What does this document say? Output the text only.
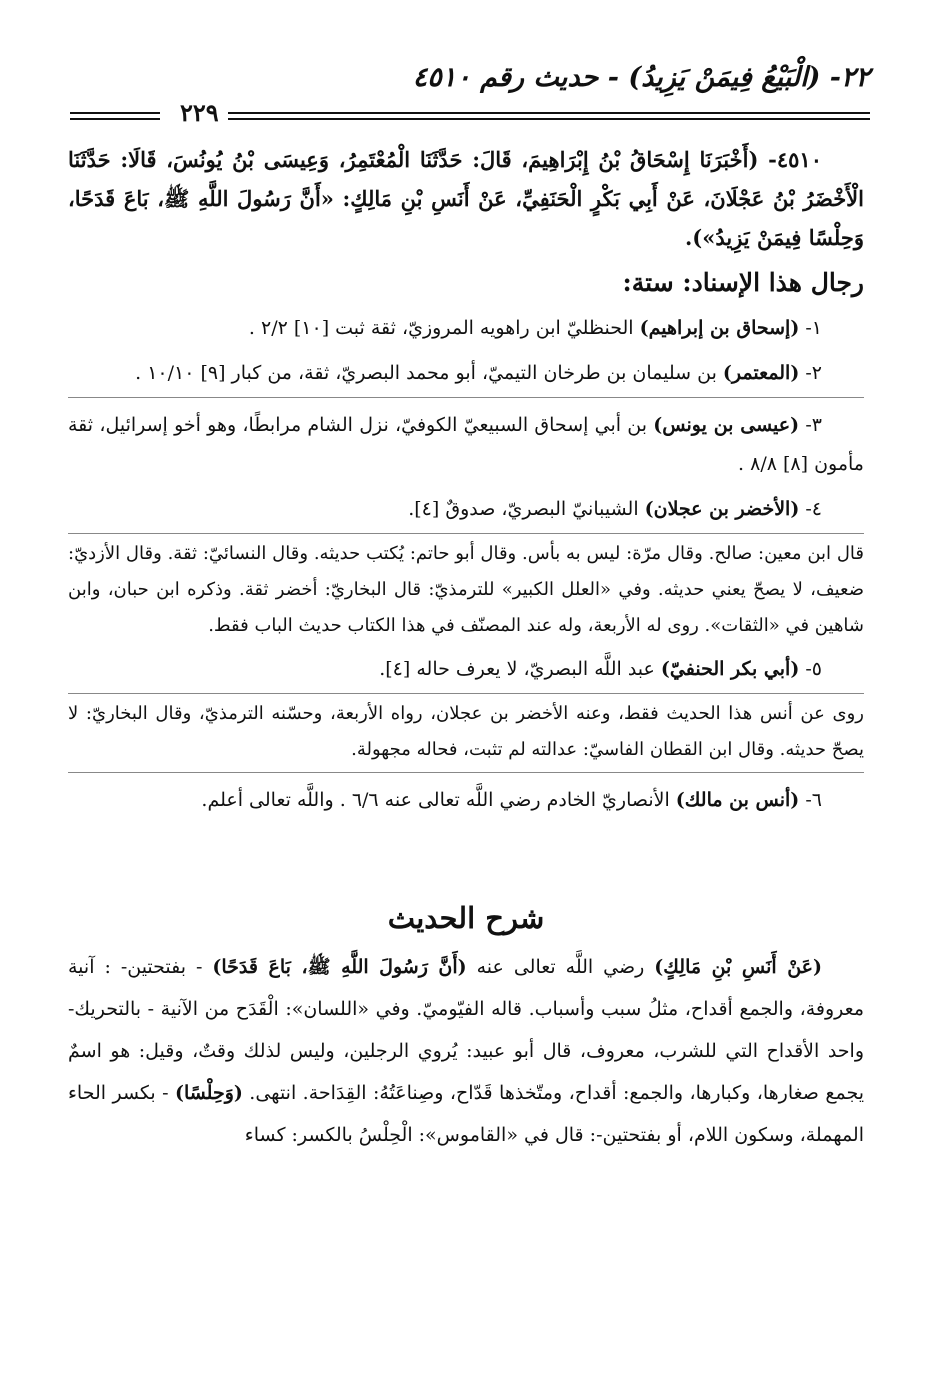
٢٢- (الْبَيْعُ فِيمَنْ يَزِيدُ) - حديث رقم ٤٥١٠
٢٢٩

٤٥١٠- (أَخْبَرَنَا إِسْحَاقُ بْنُ إِبْرَاهِيمَ، قَالَ: حَدَّثَنَا الْمُعْتَمِرُ، وَعِيسَى بْنُ يُونُسَ، قَالَا: حَدَّثَنَا الْأَخْضَرُ بْنُ عَجْلَانَ، عَنْ أَبِي بَكْرٍ الْحَنَفِيِّ، عَنْ أَنَسِ بْنِ مَالِكٍ: «أَنَّ رَسُولَ اللَّهِ ﷺ، بَاعَ قَدَحًا، وَحِلْسًا فِيمَنْ يَزِيدُ»).

رجال هذا الإسناد: ستة:

١- (إسحاق بن إبراهيم) الحنظليّ ابن راهويه المروزيّ، ثقة ثبت [١٠] ٢/٢ .

٢- (المعتمر) بن سليمان بن طرخان التيميّ، أبو محمد البصريّ، ثقة، من كبار [٩] ١٠/١٠ .

٣- (عيسى بن يونس) بن أبي إسحاق السبيعيّ الكوفيّ، نزل الشام مرابطًا، وهو أخو إسرائيل، ثقة مأمون [٨] ٨/٨ .

٤- (الأخضر بن عجلان) الشيبانيّ البصريّ، صدوقٌ [٤].

قال ابن معين: صالح. وقال مرّة: ليس به بأس. وقال أبو حاتم: يُكتب حديثه. وقال النسائيّ: ثقة. وقال الأزديّ: ضعيف، لا يصحّ يعني حديثه. وفي «العلل الكبير» للترمذيّ: قال البخاريّ: أخضر ثقة. وذكره ابن حبان، وابن شاهين في «الثقات». روى له الأربعة، وله عند المصنّف في هذا الكتاب حديث الباب فقط.

٥- (أبي بكر الحنفيّ) عبد اللَّه البصريّ، لا يعرف حاله [٤].

روى عن أنس هذا الحديث فقط، وعنه الأخضر بن عجلان، رواه الأربعة، وحسّنه الترمذيّ، وقال البخاريّ: لا يصحّ حديثه. وقال ابن القطان الفاسيّ: عدالته لم تثبت، فحاله مجهولة.

٦- (أنس بن مالك) الأنصاريّ الخادم رضي اللَّه تعالى عنه ٦/٦ . واللَّه تعالى أعلم.

شرح الحديث

(عَنْ أَنَسِ بْنِ مَالِكٍ) رضي اللَّه تعالى عنه (أَنَّ رَسُولَ اللَّهِ ﷺ، بَاعَ قَدَحًا) - بفتحتين- : آنية معروفة، والجمع أقداح، مثلُ سبب وأسباب. قاله الفيّوميّ. وفي «اللسان»: الْقَدَح من الآنية - بالتحريك- واحد الأقداح التي للشرب، معروف، قال أبو عبيد: يُروي الرجلين، وليس لذلك وقتٌ، وقيل: هو اسمٌ يجمع صغارها، وكبارها، والجمع: أقداح، ومتّخذها قَدّاح، وصِناعَتُهُ: القِدَاحة. انتهى. (وَحِلْسًا) - بكسر الحاء المهملة، وسكون اللام، أو بفتحتين-: قال في «القاموس»: الْحِلْسُ بالكسر: كساء
